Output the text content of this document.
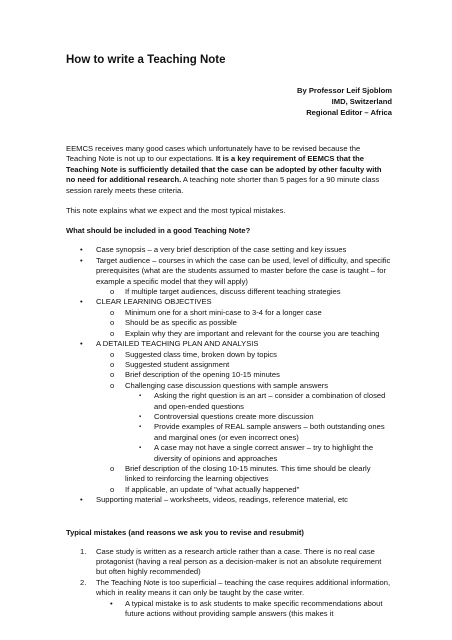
How to write a Teaching Note
By Professor Leif Sjoblom
IMD, Switzerland
Regional Editor – Africa

EEMCS receives many good cases which unfortunately have to be revised because the Teaching Note is not up to our expectations. It is a key requirement of EEMCS that the Teaching Note is sufficiently detailed that the case can be adopted by other faculty with no need for additional research. A teaching note shorter than 5 pages for a 90 minute class session rarely meets these criteria.

This note explains what we expect and the most typical mistakes.

What should be included in a good Teaching Note?
• Case synopsis – a very brief description of the case setting and key issues
• Target audience – courses in which the case can be used, level of difficulty, and specific prerequisites (what are the students assumed to master before the case is taught – for example a specific model that they will apply)
o If multiple target audiences, discuss different teaching strategies
• CLEAR LEARNING OBJECTIVES
o Minimum one for a short mini-case to 3-4 for a longer case
o Should be as specific as possible
o Explain why they are important and relevant for the course you are teaching
• A DETAILED TEACHING PLAN AND ANALYSIS
o Suggested class time, broken down by topics
o Suggested student assignment
o Brief description of the opening 10-15 minutes
o Challenging case discussion questions with sample answers
▪ Asking the right question is an art – consider a combination of closed and open-ended questions
▪ Controversial questions create more discussion
▪ Provide examples of REAL sample answers – both outstanding ones and marginal ones (or even incorrect ones)
▪ A case may not have a single correct answer – try to highlight the diversity of opinions and approaches
o Brief description of the closing 10-15 minutes. This time should be clearly linked to reinforcing the learning objectives
o If applicable, an update of "what actually happened"
• Supporting material – worksheets, videos, readings, reference material, etc
Typical mistakes (and reasons we ask you to revise and resubmit)
1. Case study is written as a research article rather than a case. There is no real case protagonist (having a real person as a decision-maker is not an absolute requirement but often highly recommended)
2. The Teaching Note is too superficial – teaching the case requires additional information, which in reality means it can only be taught by the case writer.
• A typical mistake is to ask students to make specific recommendations about future actions without providing sample answers (this makes it
